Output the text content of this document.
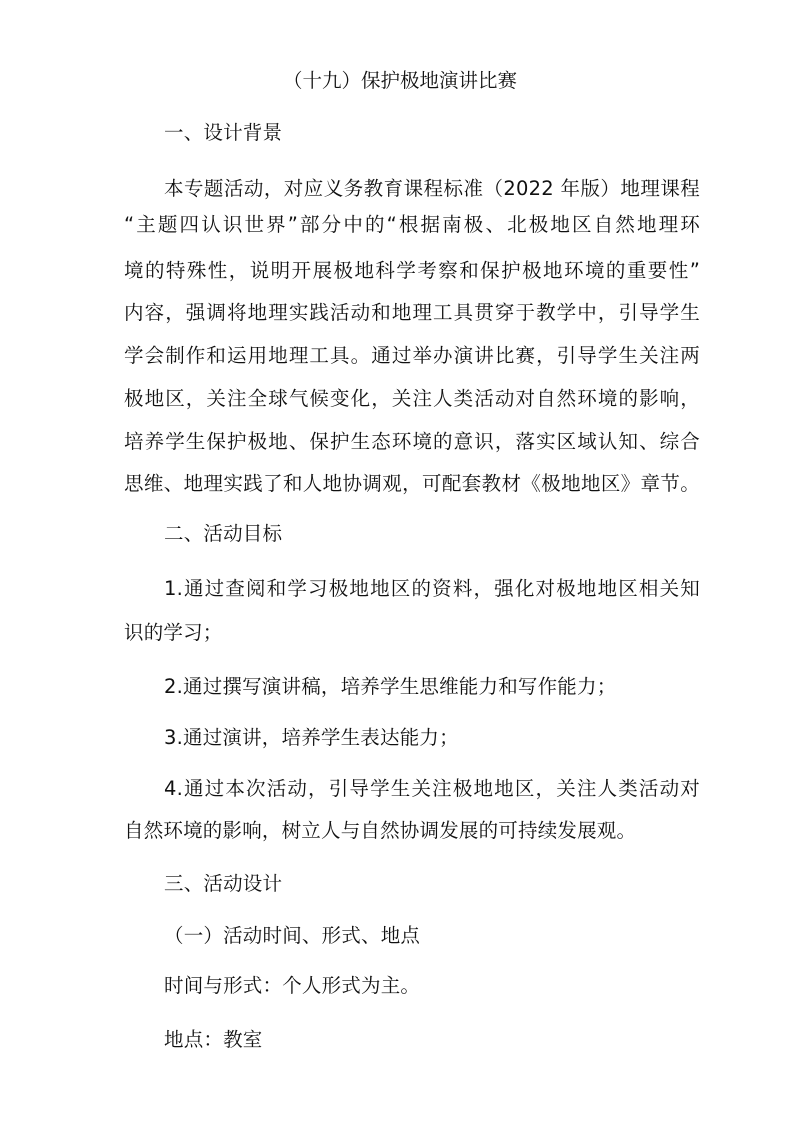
（十九）保护极地演讲比赛
一、设计背景
本专题活动，对应义务教育课程标准（2022 年版）地理课程
“主题四认识世界”部分中的“根据南极、北极地区自然地理环
境的特殊性，说明开展极地科学考察和保护极地环境的重要性”
内容，强调将地理实践活动和地理工具贯穿于教学中，引导学生
学会制作和运用地理工具。通过举办演讲比赛，引导学生关注两
极地区，关注全球气候变化，关注人类活动对自然环境的影响，
培养学生保护极地、保护生态环境的意识，落实区域认知、综合
思维、地理实践了和人地协调观，可配套教材《极地地区》章节。
二、活动目标
1.通过查阅和学习极地地区的资料，强化对极地地区相关知
识的学习；
2.通过撰写演讲稿，培养学生思维能力和写作能力；
3.通过演讲，培养学生表达能力；
4.通过本次活动，引导学生关注极地地区，关注人类活动对
自然环境的影响，树立人与自然协调发展的可持续发展观。
三、活动设计
（一）活动时间、形式、地点
时间与形式：个人形式为主。
地点：教室
